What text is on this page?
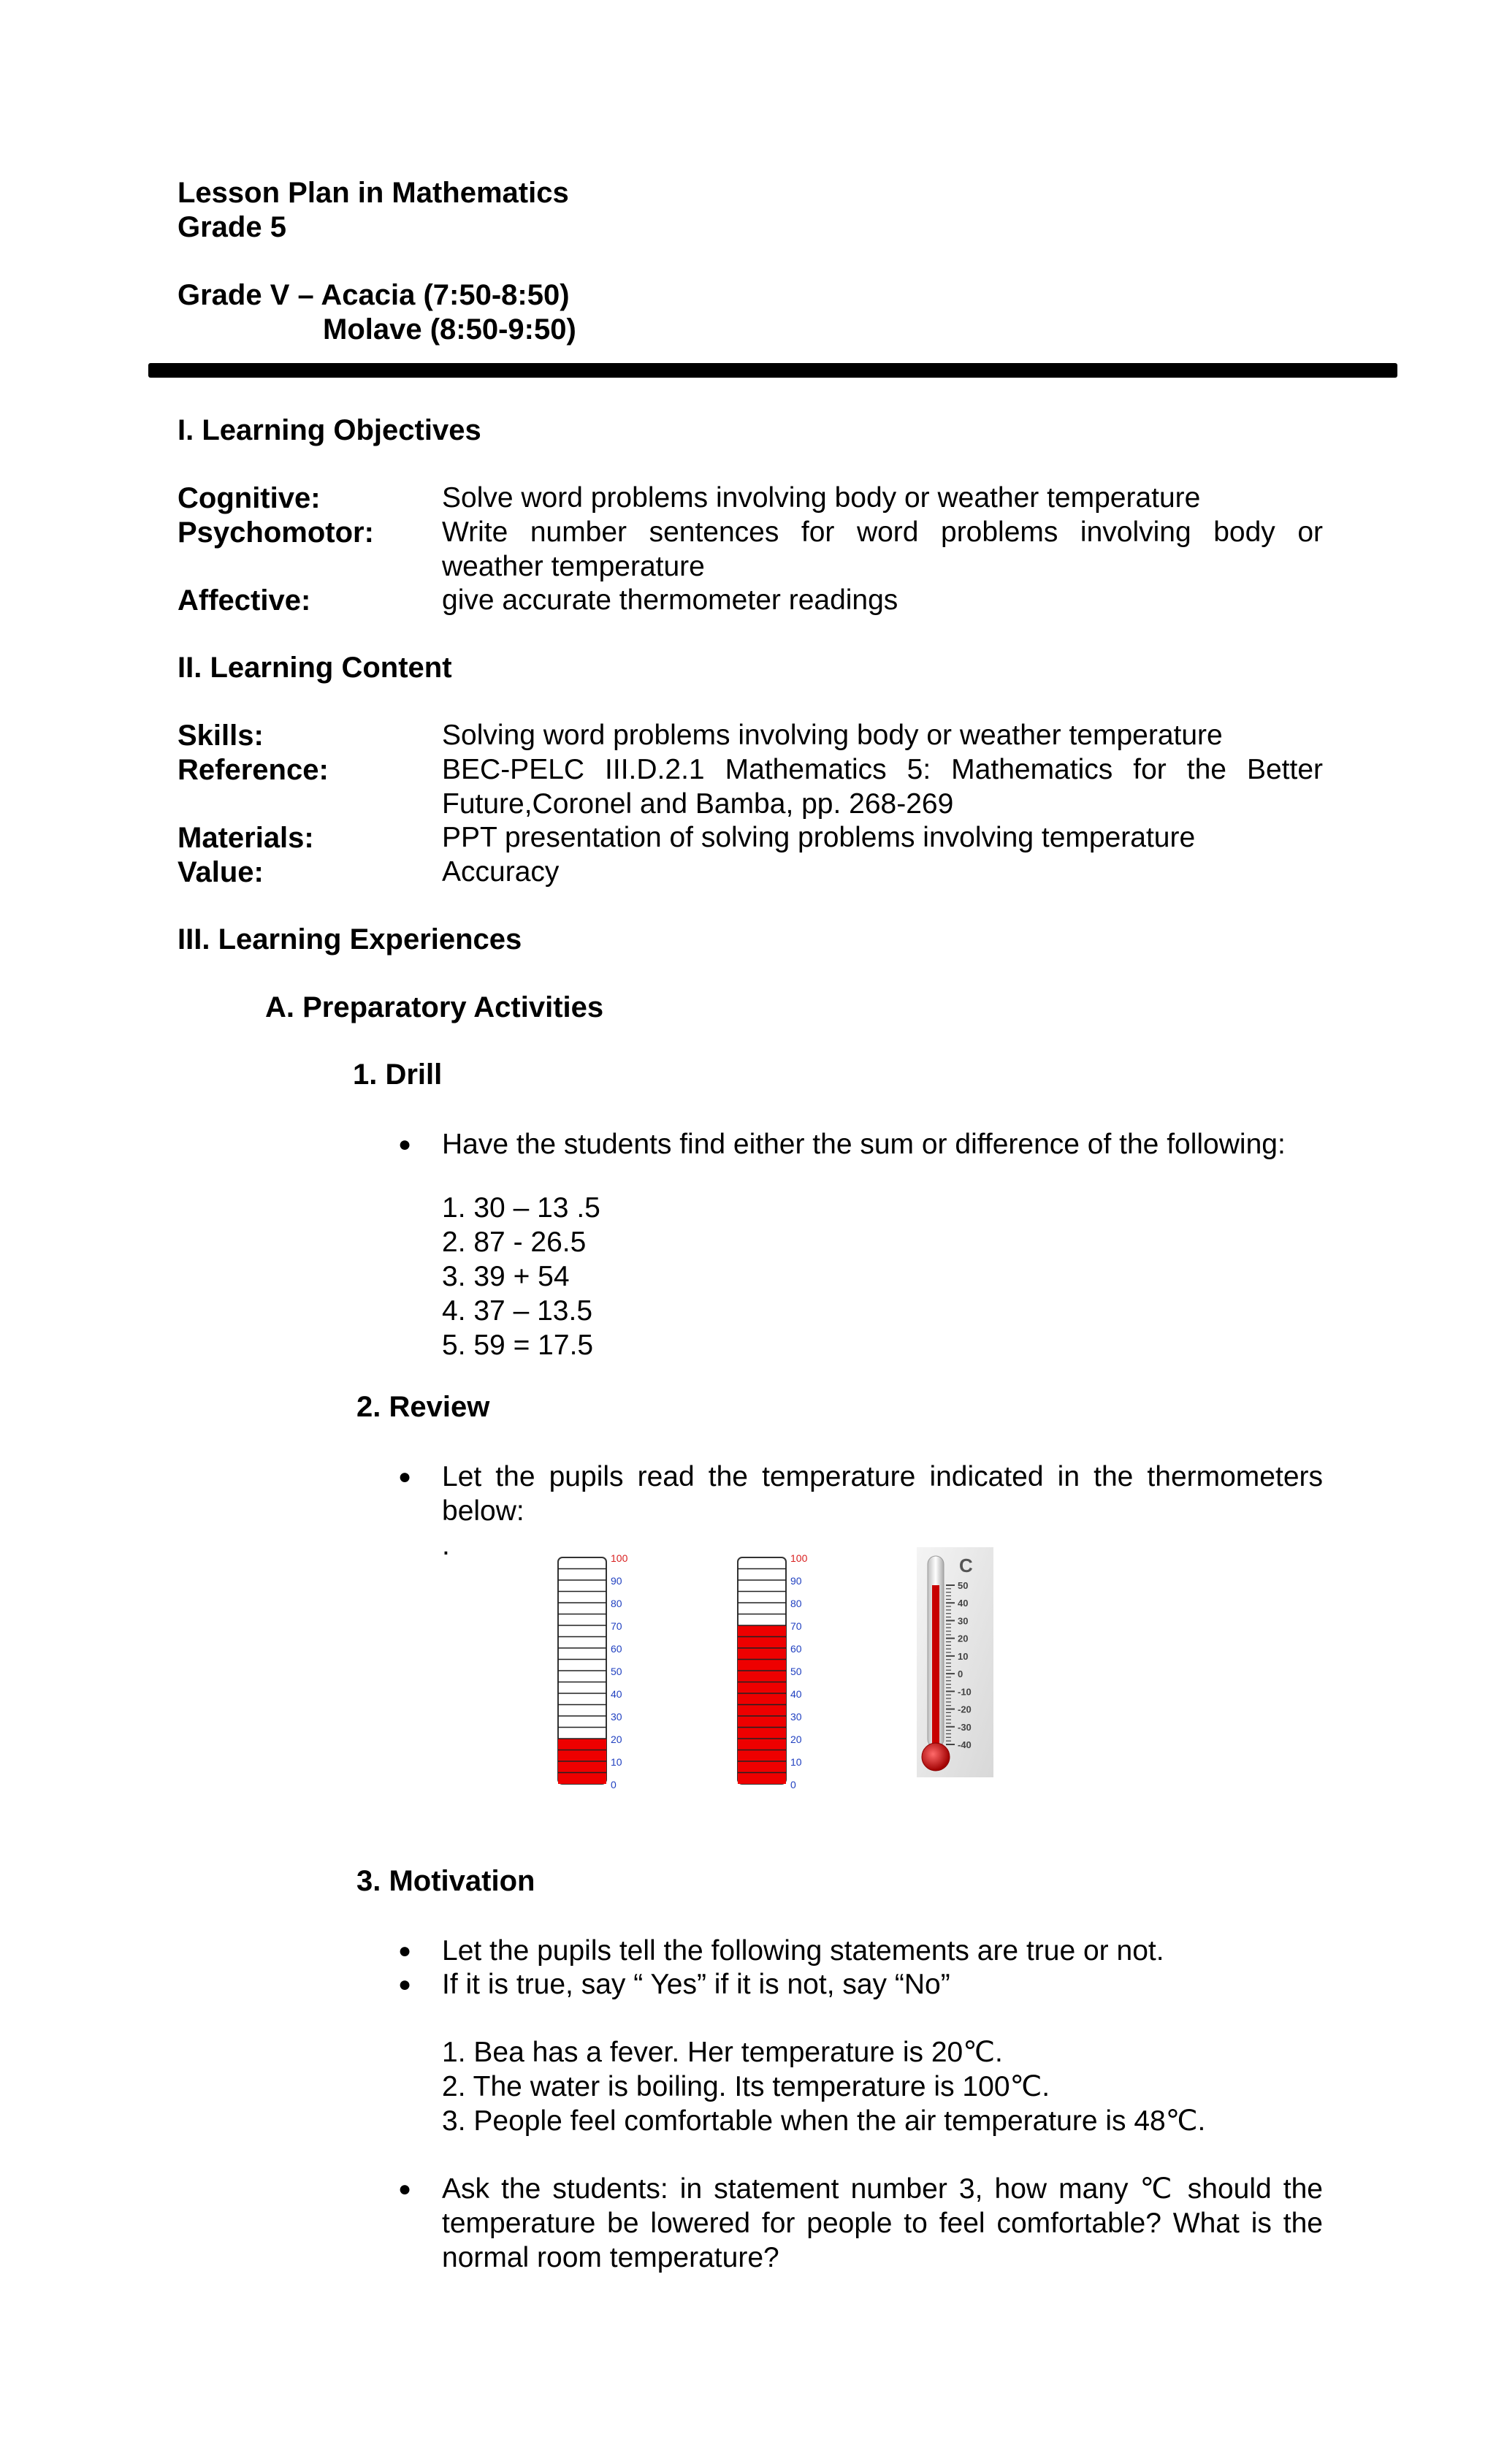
Lesson Plan in Mathematics
Grade 5
Grade V – Acacia (7:50-8:50)
Molave (8:50-9:50)
I. Learning Objectives
Cognitive:	Solve word problems involving body or weather temperature
Psychomotor: Write number sentences for word problems involving body or
weather temperature
Affective:	give accurate thermometer readings
II. Learning Content
Skills:	Solving word problems involving body or weather temperature
Reference:	BEC-PELC III.D.2.1 Mathematics 5: Mathematics for the Better
Future,Coronel and Bamba, pp. 268-269
Materials:	PPT presentation of solving problems involving temperature
Value:	Accuracy
III. Learning Experiences
A. Preparatory Activities
1. Drill
● Have the students find either the sum or difference of the following:
1. 30 – 13 .5
2. 87 - 26.5
3. 39 + 54
4. 37 – 13.5
5. 59 = 17.5
2. Review
● Let the pupils read the temperature indicated in the thermometers
below:
.	100
90
80
70
60
50
40
30
20
10
0
100
90
80
70
60
50
40
30
20
10
0
50
40
30
20
10
0
-10
-20
-30
-40
C
3. Motivation
● Let the pupils tell the following statements are true or not.
● If it is true, say “ Yes” if it is not, say “No”
1. Bea has a fever. Her temperature is 20℃.
2. The water is boiling. Its temperature is 100℃.
3. People feel comfortable when the air temperature is 48℃.
● Ask the students: in statement number 3, how many ℃ should the
temperature be lowered for people to feel comfortable? What is the
normal room temperature?
